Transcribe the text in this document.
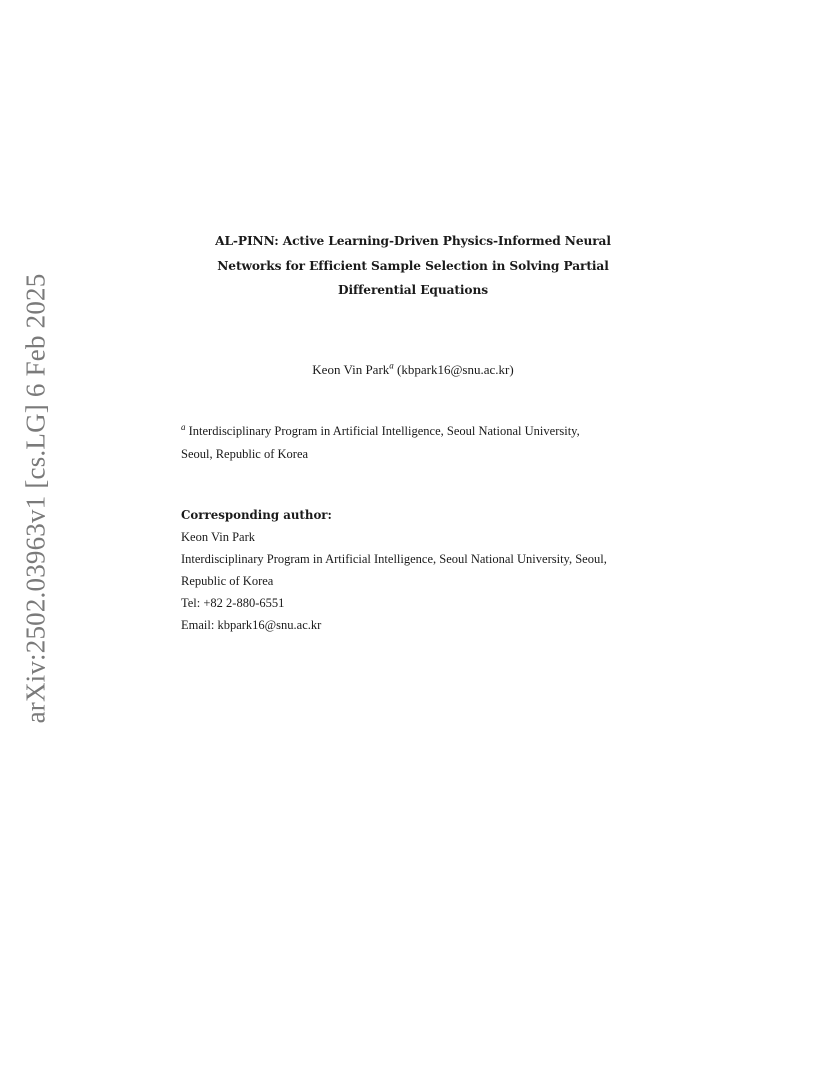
arXiv:2502.03963v1 [cs.LG] 6 Feb 2025
AL-PINN: Active Learning-Driven Physics-Informed Neural
Networks for Efficient Sample Selection in Solving Partial
Differential Equations
Keon Vin Park$^a$ (kbpark16@snu.ac.kr)
$^a$ Interdisciplinary Program in Artificial Intelligence, Seoul National University,
Seoul, Republic of Korea
Corresponding author:
Keon Vin Park
Interdisciplinary Program in Artificial Intelligence, Seoul National University, Seoul,
Republic of Korea
Tel: +82 2-880-6551
Email: kbpark16@snu.ac.kr
